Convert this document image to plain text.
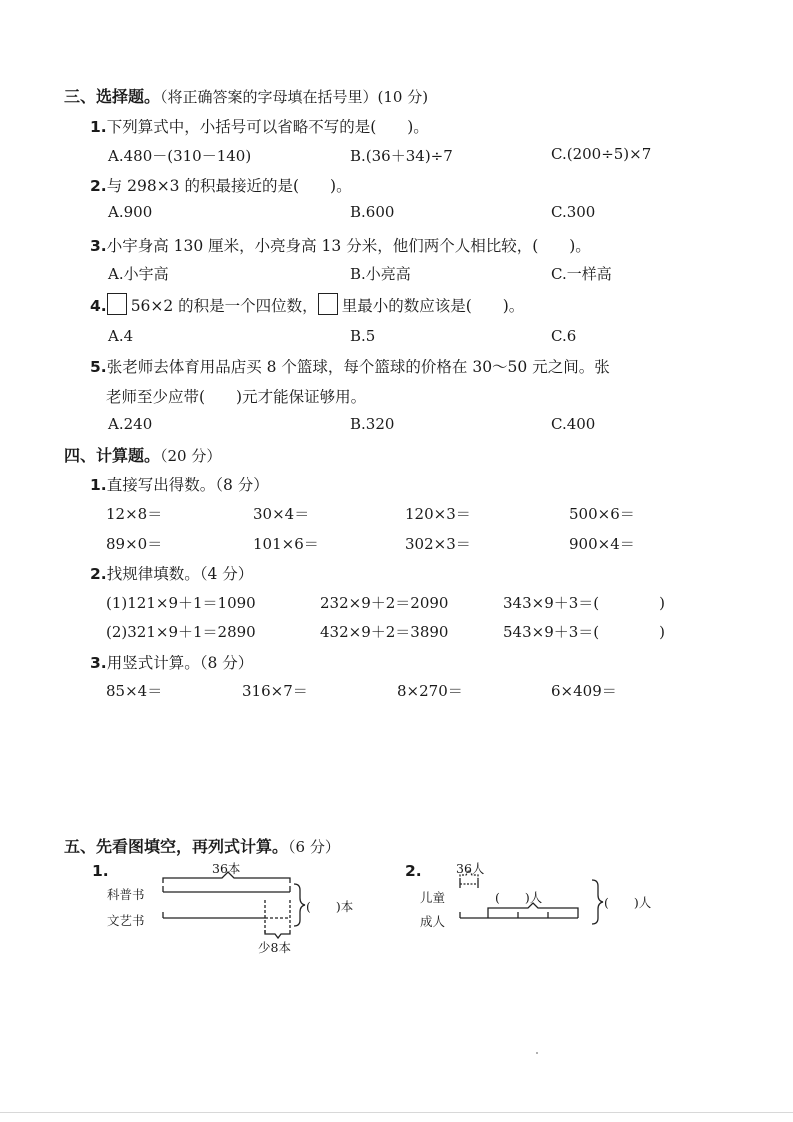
三、选择题。（将正确答案的字母填在括号里）(10 分)
1.下列算式中，小括号可以省略不写的是(　　)。
A.480－(310－140)	B.(36＋34)÷7	C.(200÷5)×7
2.与 298×3 的积最接近的是(　　)。
A.900	B.600	C.300
3.小宇身高 130 厘米，小亮身高 13 分米，他们两个人相比较，(　　)。
A.小宇高	B.小亮高	C.一样高
4. 56×2 的积是一个四位数， 里最小的数应该是(　　)。
A.4	B.5	C.6
5.张老师去体育用品店买 8 个篮球，每个篮球的价格在 30～50 元之间。张
老师至少应带(　　)元才能保证够用。
A.240	B.320	C.400
四、计算题。（20 分）
1.直接写出得数。（8 分）
12×8＝	30×4＝	120×3＝	500×6＝
89×0＝	101×6＝	302×3＝	900×4＝
2.找规律填数。（4 分）
(1)121×9＋1＝1090	232×9＋2＝2090	343×9＋3＝(　　　　)
(2)321×9＋1＝2890	432×9＋2＝3890	543×9＋3＝(　　　　)
3.用竖式计算。（8 分）
85×4＝	316×7＝	8×270＝	6×409＝
五、先看图填空，再列式计算。（6 分）
1.	36本
科普书
文艺书
(　　)本
少8本
2.	36人
儿童
成人
(　　)人	(　　)人
